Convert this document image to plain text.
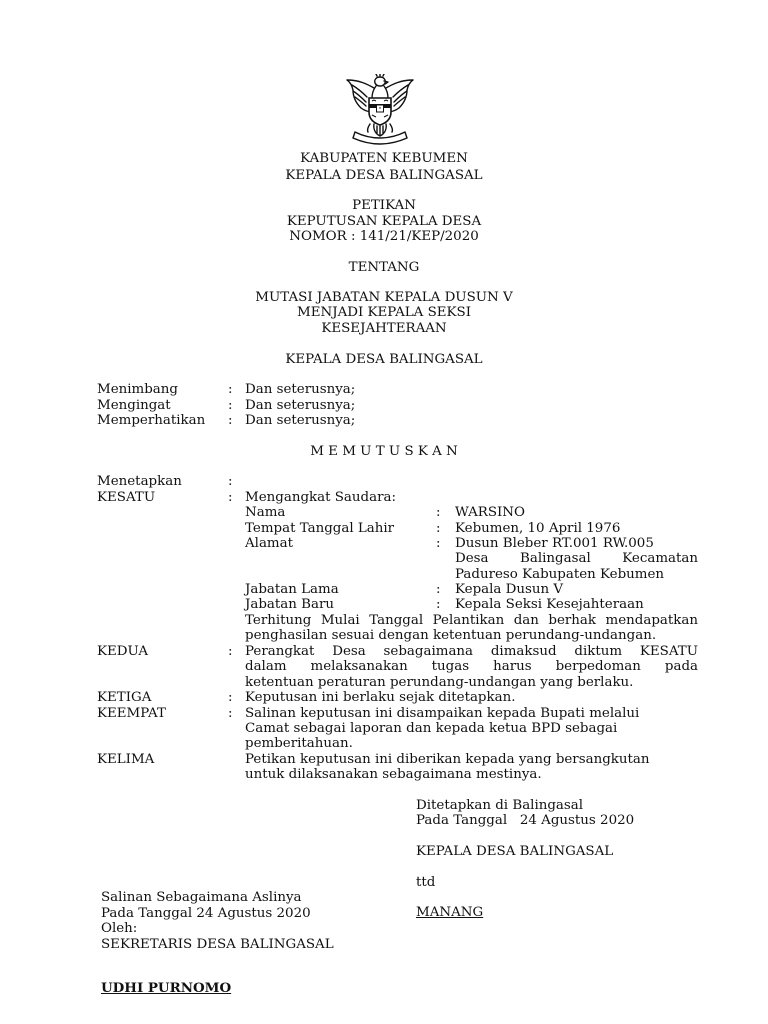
KABUPATEN KEBUMEN
KEPALA DESA BALINGASAL
PETIKAN
KEPUTUSAN KEPALA DESA
NOMOR : 141/21/KEP/2020
TENTANG
MUTASI JABATAN KEPALA DUSUN V
MENJADI KEPALA SEKSI
KESEJAHTERAAN
KEPALA DESA BALINGASAL
Menimbang	: Dan seterusnya;
Mengingat	: Dan seterusnya;
Memperhatikan : Dan seterusnya;
M E M U T U S K A N
Menetapkan	:
KESATU	: Mengangkat Saudara:
Nama	: WARSINO
Tempat Tanggal Lahir	: Kebumen, 10 April 1976
Alamat	: Dusun Bleber RT.001 RW.005
Desa Balingasal Kecamatan
Padureso Kabupaten Kebumen
Jabatan Lama	: Kepala Dusun V
Jabatan Baru	: Kepala Seksi Kesejahteraan
Terhitung Mulai Tanggal Pelantikan dan berhak mendapatkan
penghasilan sesuai dengan ketentuan perundang-undangan.
KEDUA	: Perangkat Desa sebagaimana dimaksud diktum KESATU
dalam melaksanakan tugas harus berpedoman pada
ketentuan peraturan perundang-undangan yang berlaku.
KETIGA	: Keputusan ini berlaku sejak ditetapkan.
KEEMPAT	: Salinan keputusan ini disampaikan kepada Bupati melalui
Camat sebagai laporan dan kepada ketua BPD sebagai
pemberitahuan.
KELIMA	Petikan keputusan ini diberikan kepada yang bersangkutan
untuk dilaksanakan sebagaimana mestinya.
Ditetapkan di Balingasal
Pada Tanggal   24 Agustus 2020
KEPALA DESA BALINGASAL
ttd
MANANG
Salinan Sebagaimana Aslinya
Pada Tanggal 24 Agustus 2020
Oleh:
SEKRETARIS DESA BALINGASAL
UDHI PURNOMO
